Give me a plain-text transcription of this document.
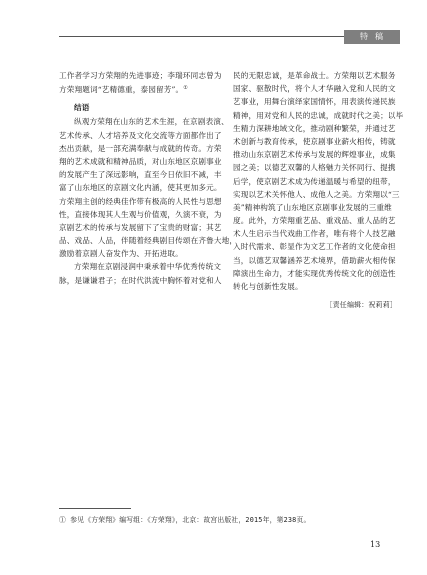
特稿
工作者学习方荣翔的先进事迹；李瑞环同志曾为
方荣翔题词“艺精德重，泰园留芳”。①
结语
纵观方荣翔在山东的艺术生涯，在京剧表演、
艺术传承、人才培养及文化交流等方面都作出了
杰出贡献，是一部充满奉献与成就的传奇。方荣
翔的艺术成就和精神品质，对山东地区京剧事业
的发展产生了深远影响，直至今日依旧不减，丰
富了山东地区的京剧文化内涵，使其更加多元。
方荣翔主创的经典佳作带有极高的人民性与思想
性，直接体现其人生观与价值观，久演不衰，为
京剧艺术的传承与发展留下了宝贵的财富；其艺
品、戏品、人品，伴随着经典剧目传颂在齐鲁大地，
激励着京剧人奋发作为、开拓进取。
方荣翔在京剧浸润中秉承着中华优秀传统文
脉，是谦谦君子；在时代洪流中胸怀着对党和人
民的无限忠诚，是革命战士。方荣翔以艺术服务
国家、驱散时代，将个人才华融入党和人民的文
艺事业，用舞台演绎家国情怀，用表演传递民族
精神，用对党和人民的忠诚，成就时代之美；以毕
生精力深耕地域文化，推动剧种繁荣，并通过艺
术创新与教育传承，使京剧事业薪火相传，铸就
推动山东京剧艺术传承与发展的辉煌事业，成集
园之美；以德艺双馨的人格魅力关怀同行、提携
后学，使京剧艺术成为传递温暖与希望的纽带，
实现以艺术关怀他人、成他人之美。方荣翔以“三
美”精神构筑了山东地区京剧事业发展的三重维
度。此外，方荣翔重艺品、重戏品、重人品的艺
术人生启示当代戏曲工作者，唯有将个人技艺融
入时代需求、彰显作为文艺工作者的文化使命担
当，以德艺双馨涵养艺术境界，借助薪火相传保
障演出生命力，才能实现优秀传统文化的创造性
转化与创新性发展。
［责任编辑：祝莉莉］
① 参见《方荣翔》编写组：《方荣翔》，北京：故宫出版社，2015年，第238页。
13
